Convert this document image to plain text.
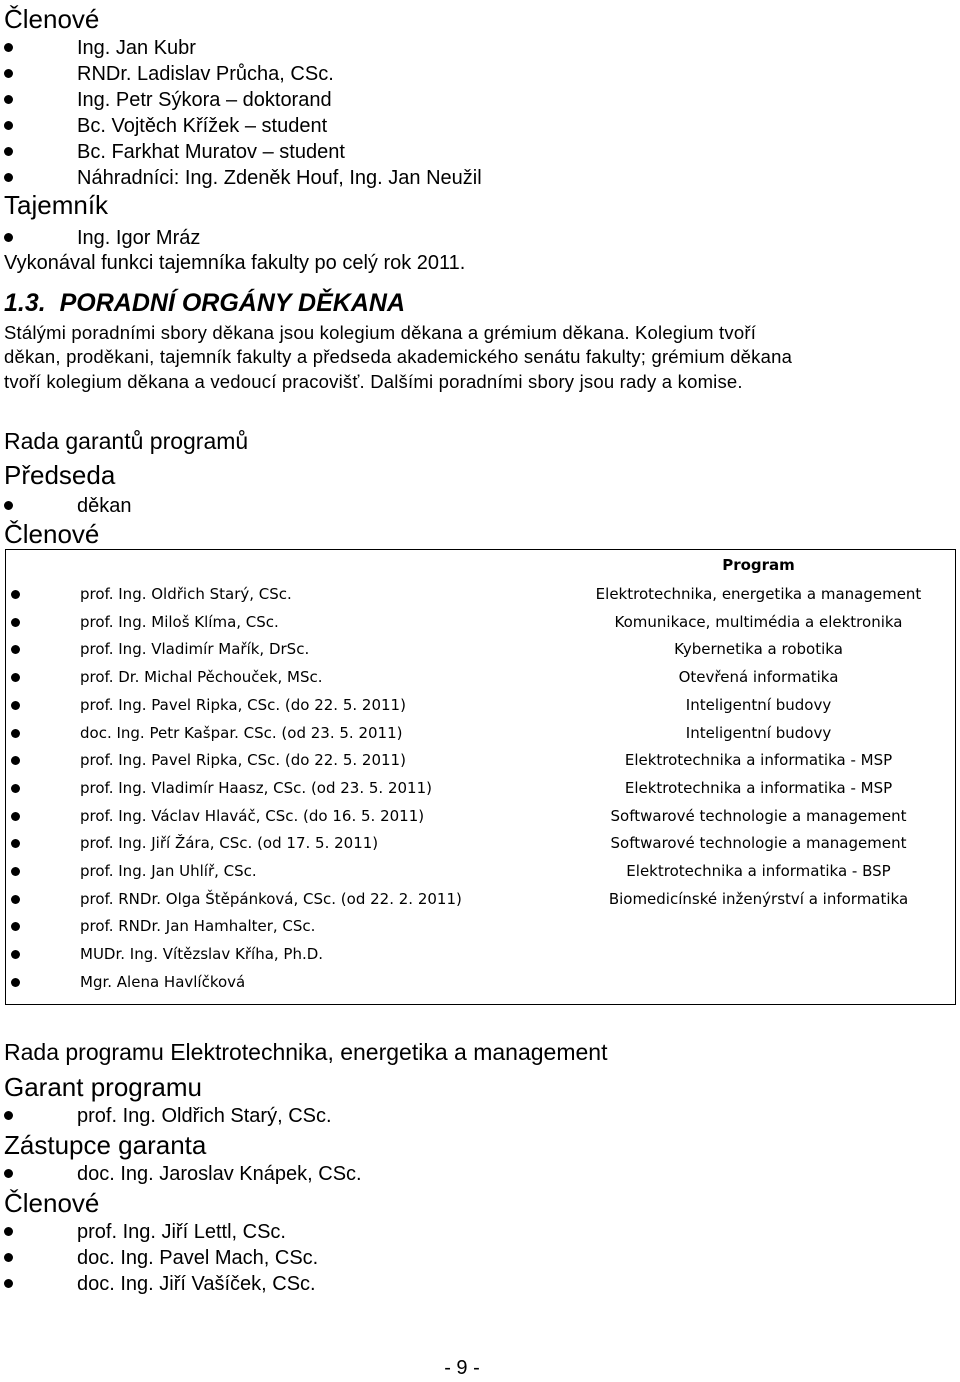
Členové
Ing. Jan Kubr
RNDr. Ladislav Průcha, CSc.
Ing. Petr Sýkora – doktorand
Bc. Vojtěch Křížek – student
Bc. Farkhat Muratov – student
Náhradníci: Ing. Zdeněk Houf, Ing. Jan Neužil
Tajemník
Ing. Igor Mráz
Vykonával funkci tajemníka fakulty po celý rok 2011.
1.3. PORADNÍ ORGÁNY DĚKANA
Stálými poradními sbory děkana jsou kolegium děkana a grémium děkana. Kolegium tvoří
děkan, proděkani, tajemník fakulty a předseda akademického senátu fakulty; grémium děkana
tvoří kolegium děkana a vedoucí pracovišť. Dalšími poradními sbory jsou rady a komise.
Rada garantů programů
Předseda
děkan
Členové
Program
prof. Ing. Oldřich Starý, CSc.	Elektrotechnika, energetika a management
prof. Ing. Miloš Klíma, CSc.	Komunikace, multimédia a elektronika
prof. Ing. Vladimír Mařík, DrSc.	Kybernetika a robotika
prof. Dr. Michal Pěchouček, MSc.	Otevřená informatika
prof. Ing. Pavel Ripka, CSc. (do 22. 5. 2011)	Inteligentní budovy
doc. Ing. Petr Kašpar. CSc. (od 23. 5. 2011)	Inteligentní budovy
prof. Ing. Pavel Ripka, CSc. (do 22. 5. 2011)	Elektrotechnika a informatika - MSP
prof. Ing. Vladimír Haasz, CSc. (od 23. 5. 2011)	Elektrotechnika a informatika - MSP
prof. Ing. Václav Hlaváč, CSc. (do 16. 5. 2011)	Softwarové technologie a management
prof. Ing. Jiří Žára, CSc. (od 17. 5. 2011)	Softwarové technologie a management
prof. Ing. Jan Uhlíř, CSc.	Elektrotechnika a informatika - BSP
prof. RNDr. Olga Štěpánková, CSc. (od 22. 2. 2011)	Biomedicínské inženýrství a informatika
prof. RNDr. Jan Hamhalter, CSc.
MUDr. Ing. Vítězslav Kříha, Ph.D.
Mgr. Alena Havlíčková
Rada programu Elektrotechnika, energetika a management
Garant programu
prof. Ing. Oldřich Starý, CSc.
Zástupce garanta
doc. Ing. Jaroslav Knápek, CSc.
Členové
prof. Ing. Jiří Lettl, CSc.
doc. Ing. Pavel Mach, CSc.
doc. Ing. Jiří Vašíček, CSc.
- 9 -
